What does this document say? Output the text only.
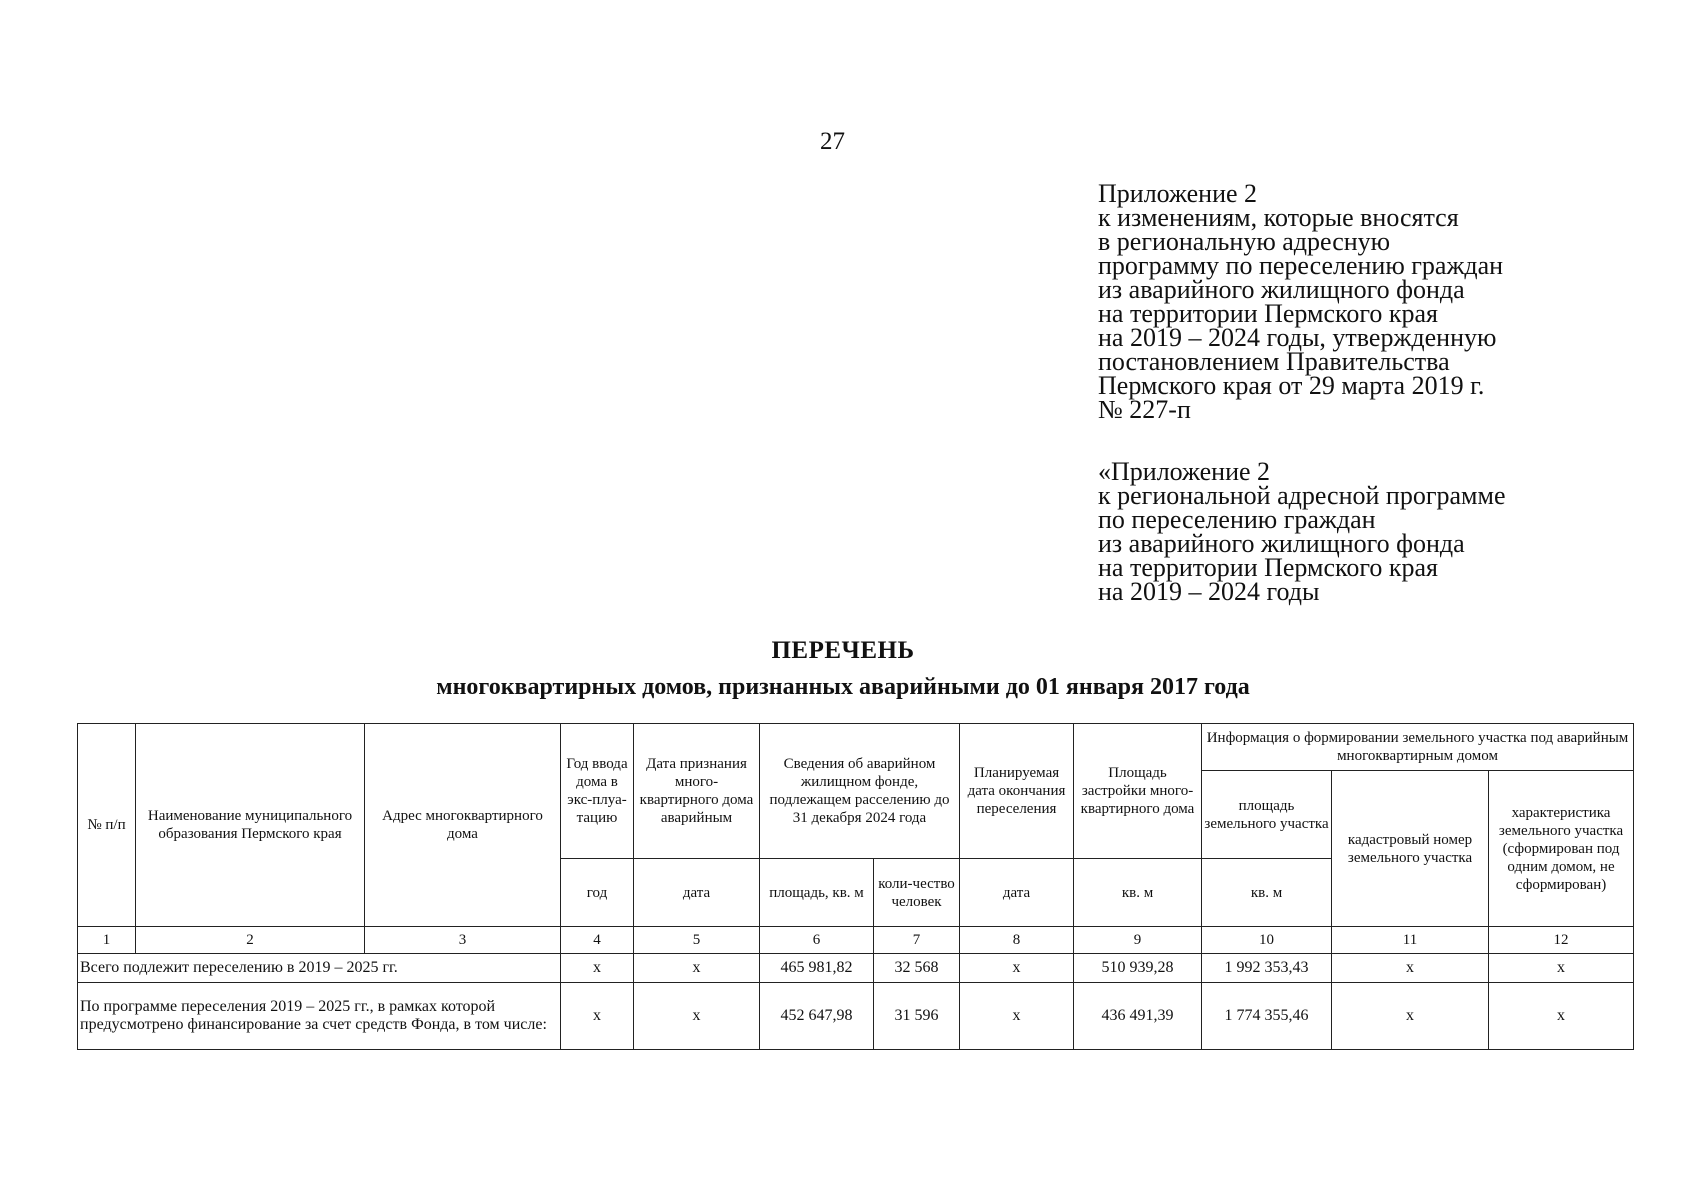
27
Приложение 2
к изменениям, которые вносятся
в региональную адресную
программу по переселению граждан
из аварийного жилищного фонда
на территории Пермского края
на 2019 – 2024 годы, утвержденную
постановлением Правительства
Пермского края от 29 марта 2019 г.
№ 227-п
«Приложение 2
к региональной адресной программе
по переселению граждан
из аварийного жилищного фонда
на территории Пермского края
на 2019 – 2024 годы
ПЕРЕЧЕНЬ
многоквартирных домов, признанных аварийными до 01 января 2017 года
№ п/п	Наименование муниципального образования Пермского края	Адрес многоквартирного дома	Год ввода дома в экс-плуа-тацию	Дата признания много-квартирного дома аварийным	Сведения об аварийном жилищном фонде, подлежащем расселению до 31 декабря 2024 года		Планируемая дата окончания переселения	Площадь застройки много-квартирного дома	Информация о формировании земельного участка под аварийным многоквартирным домом		
									площадь земельного участка	кадастровый номер земельного участка	характеристика земельного участка (сформирован под одним домом, не сформирован)
			год	дата	площадь, кв. м	коли-чество человек	дата	кв. м	кв. м		
1	2	3	4	5	6	7	8	9	10	11	12
Всего подлежит переселению в 2019 – 2025 гг.			х	х	465 981,82	32 568	х	510 939,28	1 992 353,43	х	х
По программе переселения 2019 – 2025 гг., в рамках которой предусмотрено финансирование за счет средств Фонда, в том числе:			х	х	452 647,98	31 596	х	436 491,39	1 774 355,46	х	х
